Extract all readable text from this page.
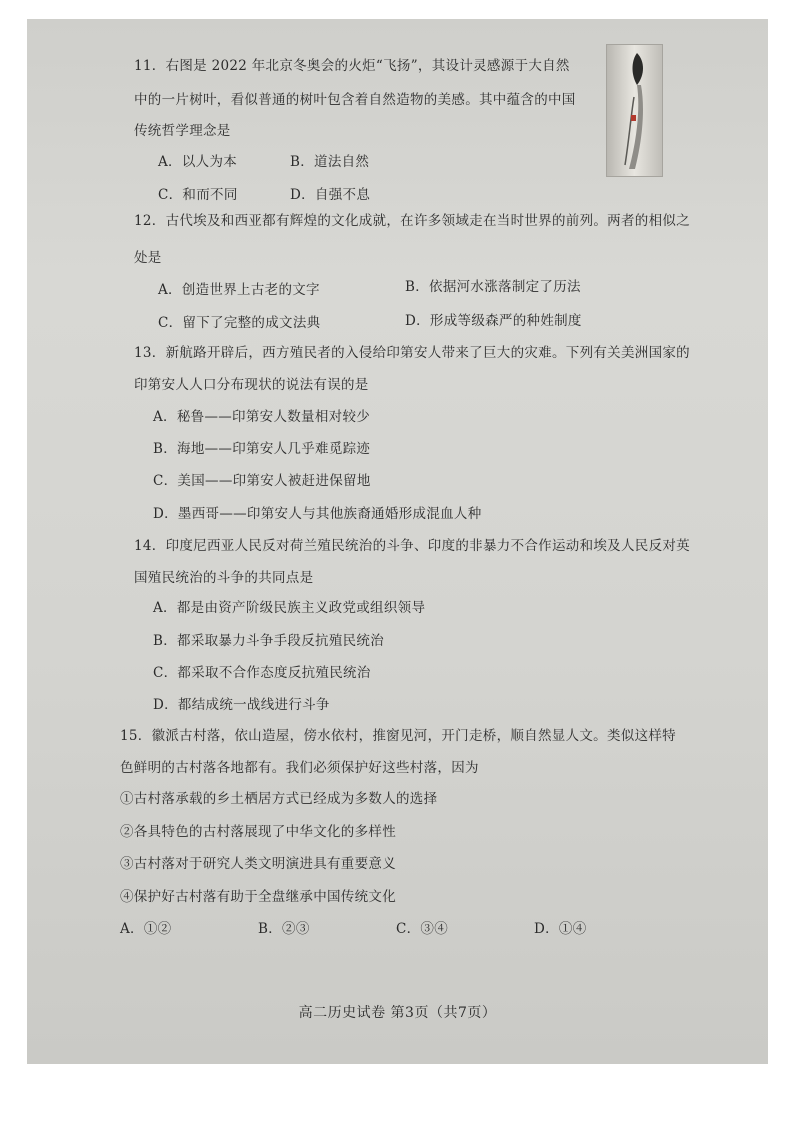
11．右图是 2022 年北京冬奥会的火炬“飞扬”，其设计灵感源于大自然
中的一片树叶，看似普通的树叶包含着自然造物的美感。其中蕴含的中国
传统哲学理念是
A．以人为本	B．道法自然
C．和而不同	D．自强不息
12．古代埃及和西亚都有辉煌的文化成就，在许多领域走在当时世界的前列。两者的相似之
处是
A．创造世界上古老的文字	B．依据河水涨落制定了历法
C．留下了完整的成文法典	D．形成等级森严的种姓制度
13．新航路开辟后，西方殖民者的入侵给印第安人带来了巨大的灾难。下列有关美洲国家的
印第安人人口分布现状的说法有误的是
A．秘鲁——印第安人数量相对较少
B．海地——印第安人几乎难觅踪迹
C．美国——印第安人被赶进保留地
D．墨西哥——印第安人与其他族裔通婚形成混血人种
14．印度尼西亚人民反对荷兰殖民统治的斗争、印度的非暴力不合作运动和埃及人民反对英
国殖民统治的斗争的共同点是
A．都是由资产阶级民族主义政党或组织领导
B．都采取暴力斗争手段反抗殖民统治
C．都采取不合作态度反抗殖民统治
D．都结成统一战线进行斗争
15．徽派古村落，依山造屋，傍水依村，推窗见河，开门走桥，顺自然显人文。类似这样特
色鲜明的古村落各地都有。我们必须保护好这些村落，因为
①古村落承载的乡土栖居方式已经成为多数人的选择
②各具特色的古村落展现了中华文化的多样性
③古村落对于研究人类文明演进具有重要意义
④保护好古村落有助于全盘继承中国传统文化
A．①②	B．②③	C．③④	D．①④
高二历史试卷 第3页（共7页）
